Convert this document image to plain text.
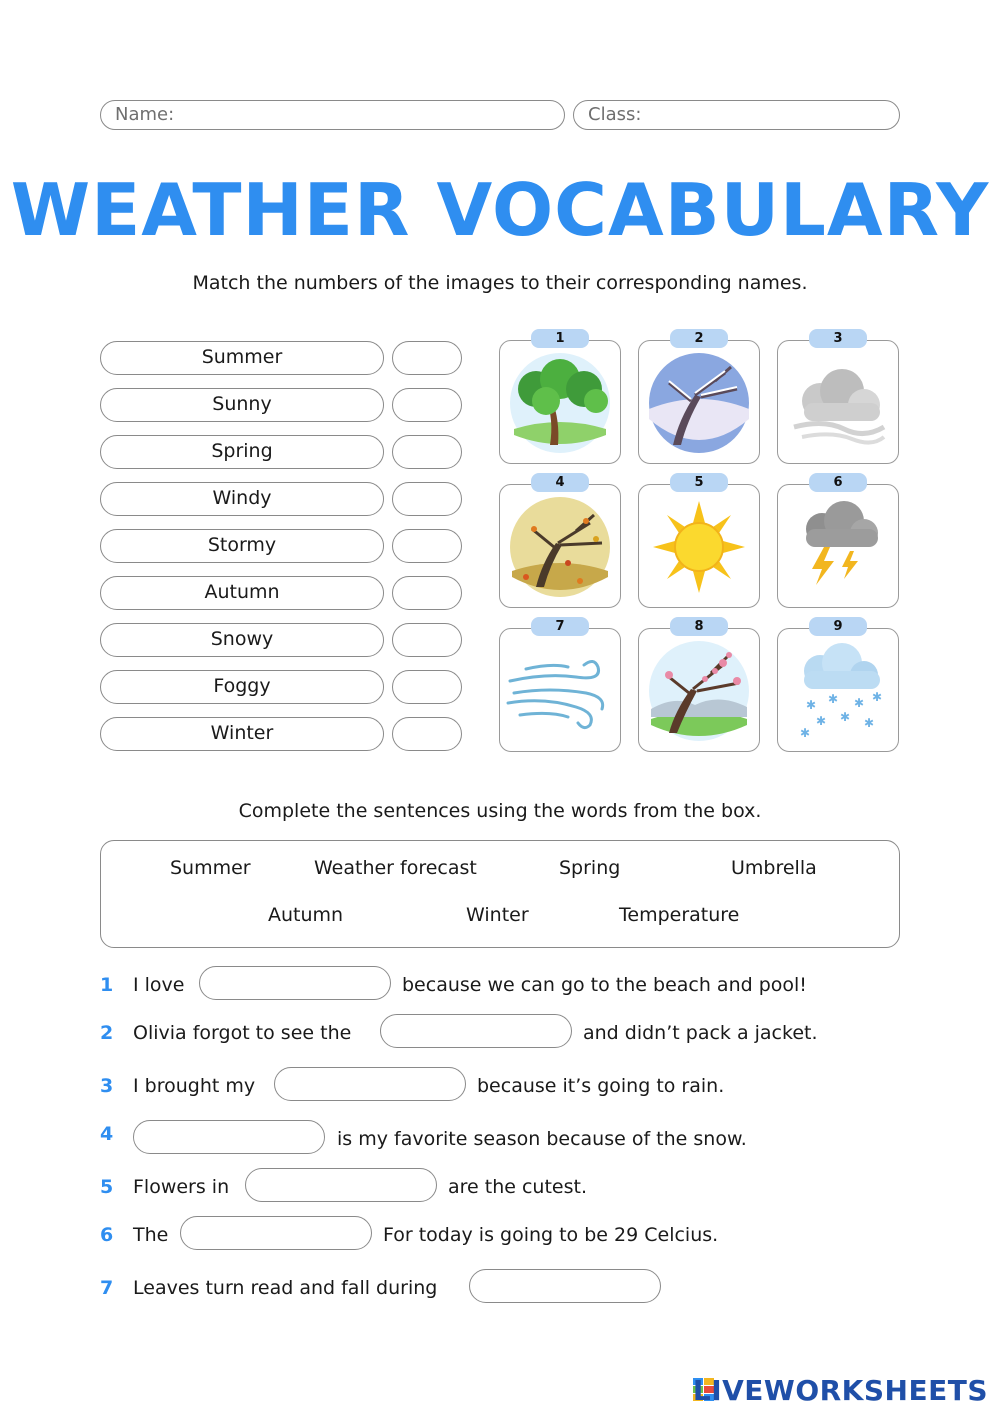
Name:	Class:
WEATHER VOCABULARY
Match the numbers of the images to their corresponding names.
Summer
Sunny
Spring
Windy
Stormy
Autumn
Snowy
Foggy
Winter
1	2	3
4	5	6
7	8	9
✱ ✱ ✱ ✱
✱ ✱ ✱
✱
Complete the sentences using the words from the box.
Summer	Weather forecast	Spring	Umbrella
Autumn	Winter	Temperature
1	I love	because we can go to the beach and pool!
2	Olivia forgot to see the	and didn’t pack a jacket.
3	I brought my	because it’s going to rain.
4	is my favorite season because of the snow.
5	Flowers in	are the cutest.
6	The	For today is going to be 29 Celcius.
7	Leaves turn read and fall during
LIVEWORKSHEETS
